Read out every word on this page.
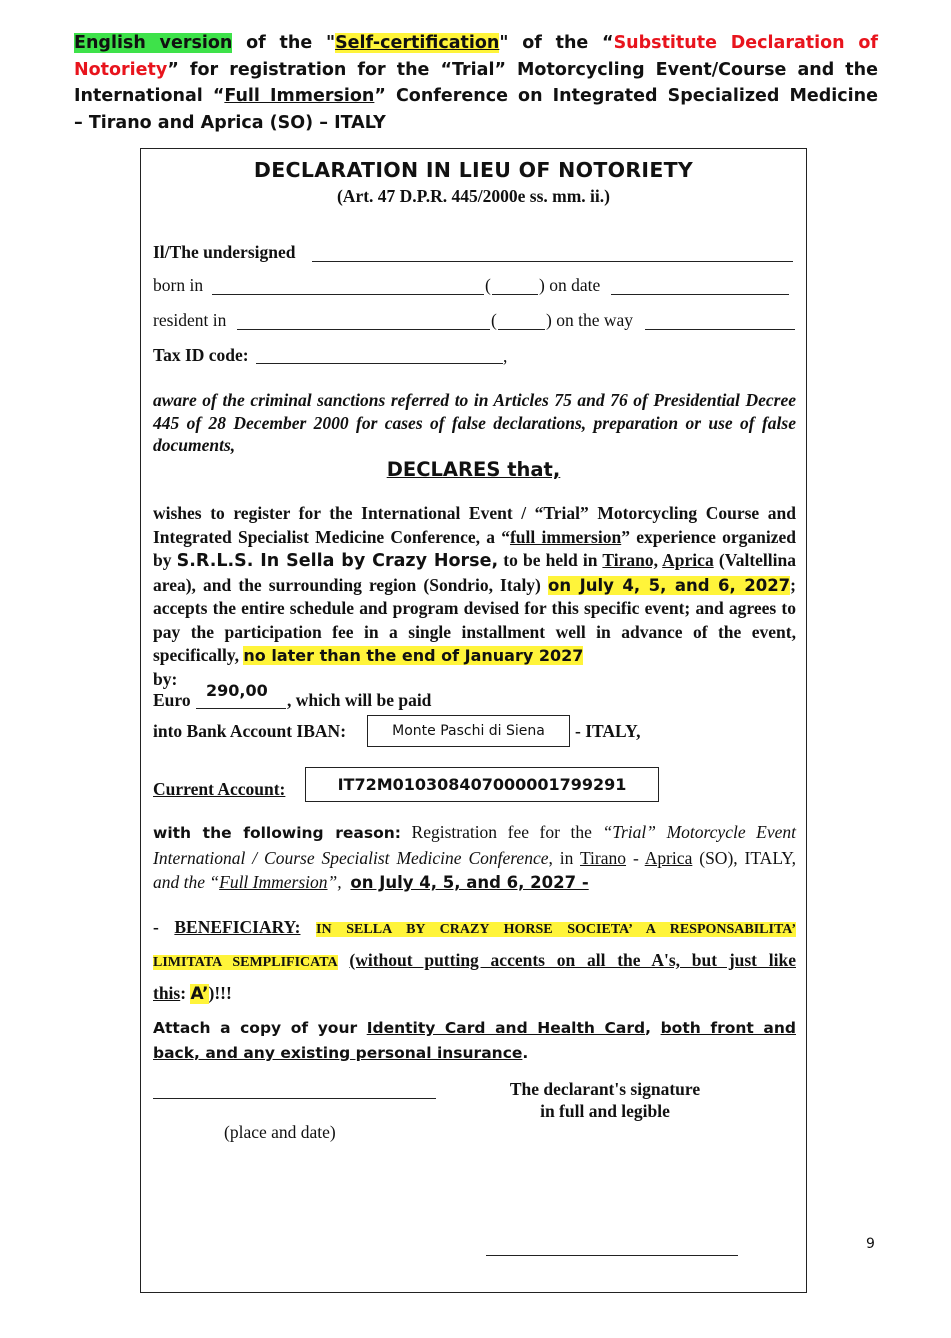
English version of the "Self-certification" of the “Substitute Declaration of
Notoriety” for registration for the “Trial” Motorcycling Event/Course and the
International “Full Immersion” Conference on Integrated Specialized Medicine
– Tirano and Aprica (SO) – ITALY
DECLARATION IN LIEU OF NOTORIETY
(Art. 47 D.P.R. 445/2000e ss. mm. ii.)
Il/The undersigned
born in	(	) on date
resident in	(	) on the way
Tax ID code:	,
aware of the criminal sanctions referred to in Articles 75 and 76 of Presidential Decree 445 of 28 December 2000 for cases of false declarations, preparation or use of false documents,
DECLARES that,
wishes to register for the International Event / “Trial” Motorcycling Course and Integrated Specialist Medicine Conference, a “full immersion” experience organized by S.R.L.S. In Sella by Crazy Horse, to be held in Tirano, Aprica (Valtellina area), and the surrounding region (Sondrio, Italy) on July 4, 5, and 6, 2027; accepts the entire schedule and program devised for this specific event; and agrees to pay the participation fee in a single installment well in advance of the event, specifically, no later than the end of January 2027
by:
Euro 290,00 , which will be paid
into Bank Account IBAN:	Monte Paschi di Siena	- ITALY,
Current Account:	IT72M010308407000001799291
with the following reason: Registration fee for the “Trial” Motorcycle Event International / Course Specialist Medicine Conference, in Tirano - Aprica (SO), ITALY, and the “Full Immersion”, on July 4, 5, and 6, 2027 -
- BENEFICIARY: IN SELLA BY CRAZY HORSE SOCIETA’ A RESPONSABILITA’
LIMITATA SEMPLIFICATA (without putting accents on all the A's, but just like
this: A’)!!!
Attach a copy of your Identity Card and Health Card, both front and
back, and any existing personal insurance.
(place and date)
The declarant's signature
in full and legible
9
